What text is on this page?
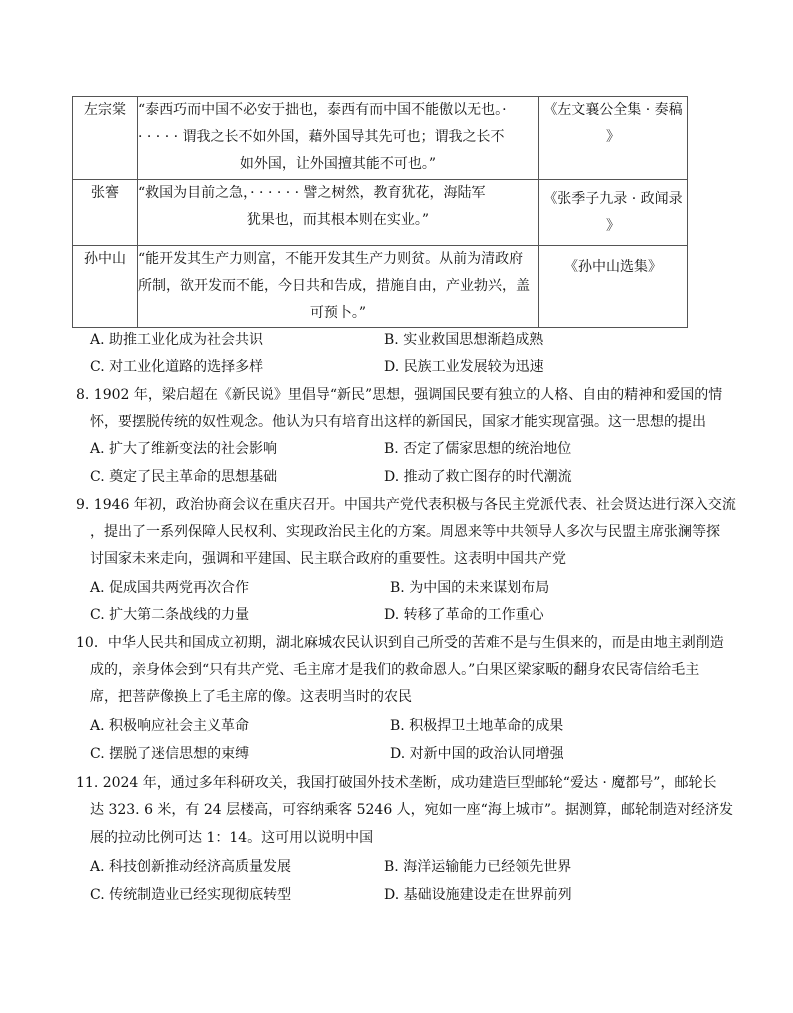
左宗棠	“泰西巧而中国不必安于拙也，泰西有而中国不能傲以无也。·
· · · · · 谓我之长不如外国，藉外国导其先可也；谓我之长不
如外国，让外国擅其能不可也。”	《左文襄公全集 · 奏稿
》

张謇	“救国为目前之急，· · · · · · 譬之树然，教育犹花，海陆军
犹果也，而其根本则在实业。”	《张季子九录 · 政闻录
》

孙中山	“能开发其生产力则富，不能开发其生产力则贫。从前为清政府
所制，欲开发而不能，今日共和告成，措施自由，产业勃兴，盖
可预卜。”	《孙中山选集》
A. 助推工业化成为社会共识	B. 实业救国思想渐趋成熟
C. 对工业化道路的选择多样	D. 民族工业发展较为迅速
8. 1902 年，梁启超在《新民说》里倡导“新民”思想，强调国民要有独立的人格、自由的精神和爱国的情
怀，要摆脱传统的奴性观念。他认为只有培育出这样的新国民，国家才能实现富强。这一思想的提出
A. 扩大了维新变法的社会影响	B. 否定了儒家思想的统治地位
C. 奠定了民主革命的思想基础	D. 推动了救亡图存的时代潮流
9. 1946 年初，政治协商会议在重庆召开。中国共产党代表积极与各民主党派代表、社会贤达进行深入交流
，提出了一系列保障人民权利、实现政治民主化的方案。周恩来等中共领导人多次与民盟主席张澜等探
讨国家未来走向，强调和平建国、民主联合政府的重要性。这表明中国共产党
A. 促成国共两党再次合作	B. 为中国的未来谋划布局
C. 扩大第二条战线的力量	D. 转移了革命的工作重心
10．中华人民共和国成立初期，湖北麻城农民认识到自己所受的苦难不是与生俱来的，而是由地主剥削造
成的，亲身体会到“只有共产党、毛主席才是我们的救命恩人。”白果区梁家畈的翻身农民寄信给毛主
席，把菩萨像换上了毛主席的像。这表明当时的农民
A. 积极响应社会主义革命	B. 积极捍卫土地革命的成果
C. 摆脱了迷信思想的束缚	D. 对新中国的政治认同增强
11. 2024 年，通过多年科研攻关，我国打破国外技术垄断，成功建造巨型邮轮“爱达 · 魔都号”，邮轮长
达 323. 6 米，有 24 层楼高，可容纳乘客 5246 人，宛如一座“海上城市”。据测算，邮轮制造对经济发
展的拉动比例可达 1：14。这可用以说明中国
A. 科技创新推动经济高质量发展	B. 海洋运输能力已经领先世界
C. 传统制造业已经实现彻底转型	D. 基础设施建设走在世界前列
